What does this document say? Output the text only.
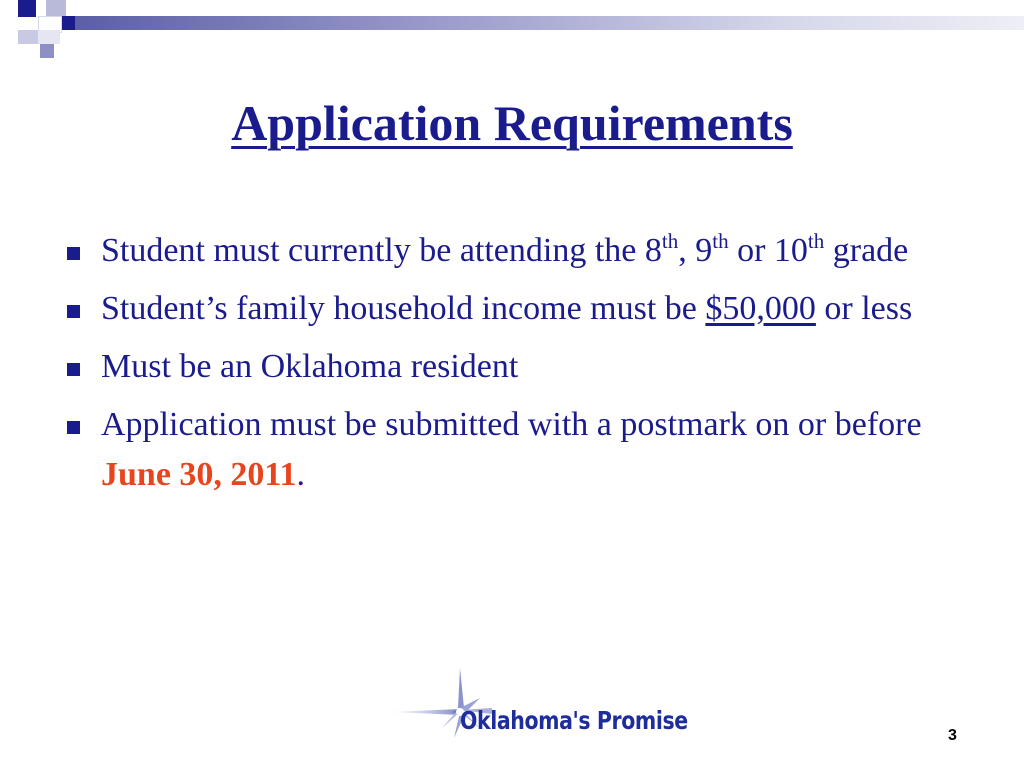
Application Requirements
Student must currently be attending the 8th, 9th or 10th grade
Student’s family household income must be $50,000 or less
Must be an Oklahoma resident
Application must be submitted with a postmark on or before June 30, 2011.
Oklahoma's Promise
3
